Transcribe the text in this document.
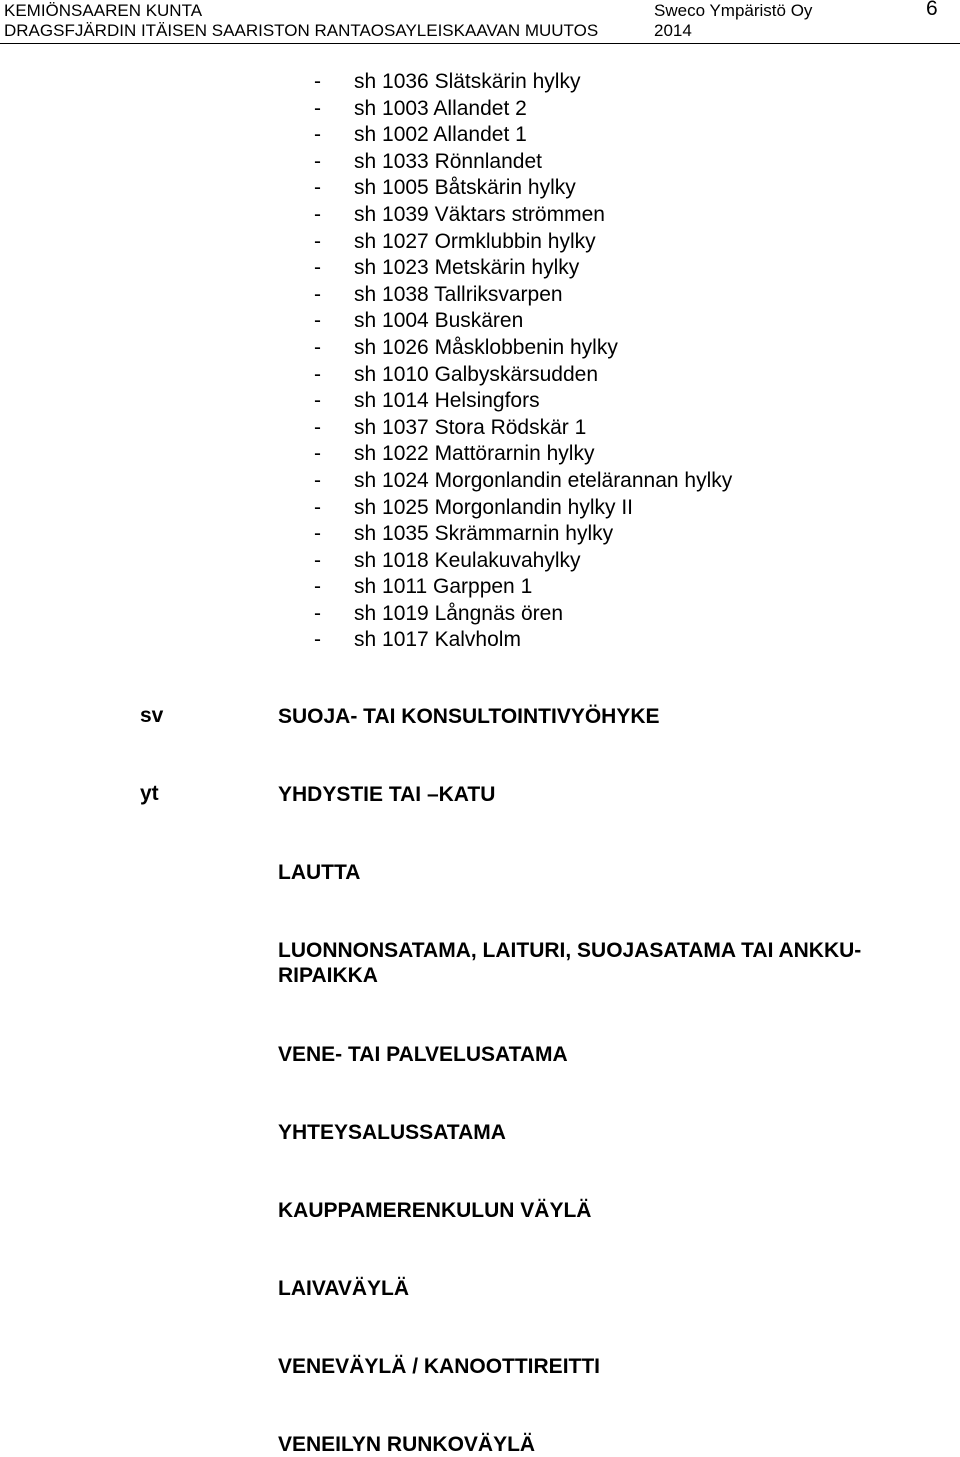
KEMIÖNSAAREN KUNTA
DRAGSFJÄRDIN ITÄISEN SAARISTON RANTAOSAYLEISKAAVAN MUUTOS
Sweco Ympäristö Oy
2014
6
- sh 1036 Slätskärin hylky
- sh 1003 Allandet 2
- sh 1002 Allandet 1
- sh 1033 Rönnlandet
- sh 1005 Båtskärin hylky
- sh 1039 Väktars strömmen
- sh 1027 Ormklubbin hylky
- sh 1023 Metskärin hylky
- sh 1038 Tallriksvarpen
- sh 1004 Buskären
- sh 1026 Måsklobbenin hylky
- sh 1010 Galbyskärsudden
- sh 1014 Helsingfors
- sh 1037 Stora Rödskär 1
- sh 1022 Mattörarnin hylky
- sh 1024 Morgonlandin etelärannan hylky
- sh 1025 Morgonlandin hylky II
- sh 1035 Skrämmarnin hylky
- sh 1018 Keulakuvahylky
- sh 1011 Garppen 1
- sh 1019 Långnäs ören
- sh 1017 Kalvholm
sv	SUOJA- TAI KONSULTOINTIVYÖHYKE
yt	YHDYSTIE TAI –KATU
LAUTTA
LUONNONSATAMA, LAITURI, SUOJASATAMA TAI ANKKU-
RIPAIKKA
VENE- TAI PALVELUSATAMA
YHTEYSALUSSATAMA
KAUPPAMERENKULUN VÄYLÄ
LAIVAVÄYLÄ
VENEVÄYLÄ / KANOOTTIREITTI
VENEILYN RUNKOVÄYLÄ
